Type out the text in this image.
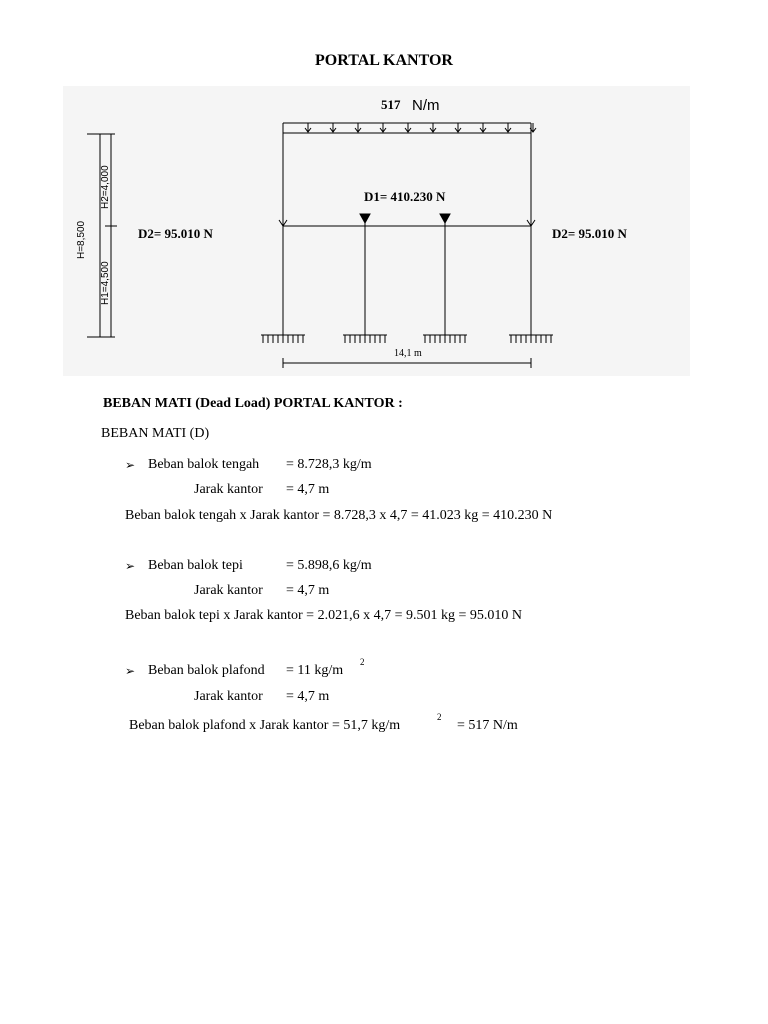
PORTAL KANTOR
517 N/m
D1= 410.230 N
D2= 95.010 N	D2= 95.010 N
H=8,500
H2=4,000
H1=4,500
14,1 m
BEBAN MATI (Dead Load) PORTAL KANTOR :
BEBAN MATI (D)
➢ Beban balok tengah = 8.728,3 kg/m
Jarak kantor = 4,7 m
Beban balok tengah x Jarak kantor = 8.728,3 x 4,7 = 41.023 kg = 410.230 N
➢ Beban balok tepi	= 5.898,6 kg/m
Jarak kantor = 4,7 m
Beban balok tepi x Jarak kantor = 2.021,6 x 4,7 = 9.501 kg = 95.010 N
➢ Beban balok plafond = 11 kg/m
2
Jarak kantor = 4,7 m
Beban balok plafond x Jarak kantor = 51,7 kg/m
2
= 517 N/m
